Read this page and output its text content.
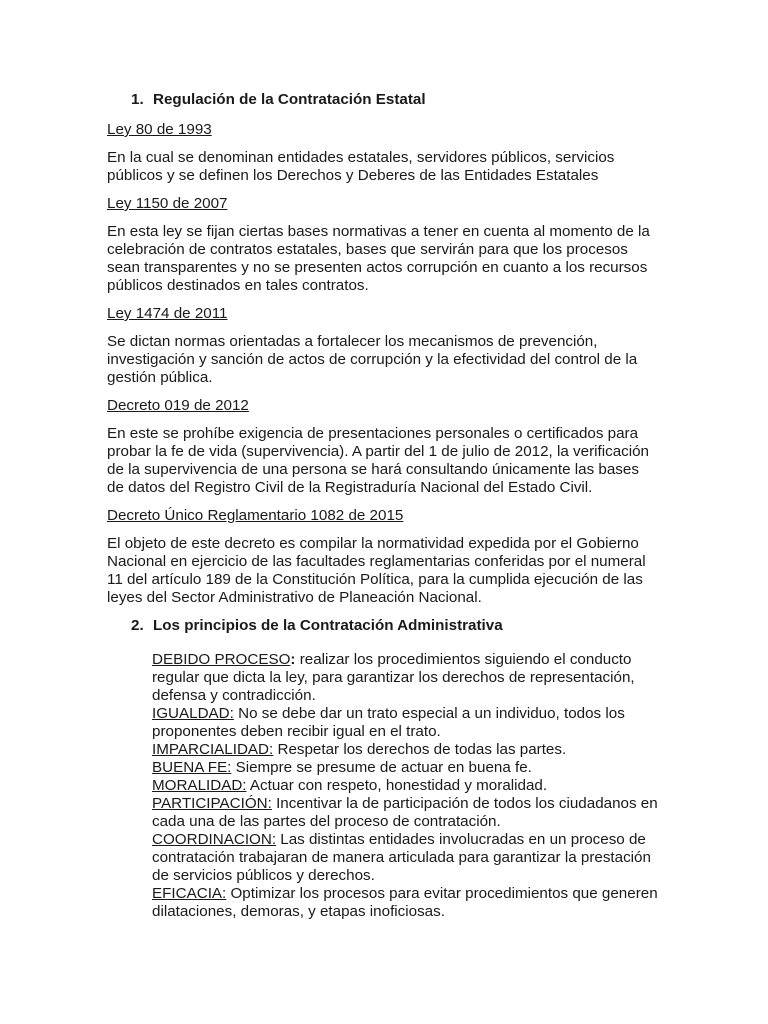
1. Regulación de la Contratación Estatal

Ley 80 de 1993

En la cual se denominan entidades estatales, servidores públicos, servicios públicos y se definen los Derechos y Deberes de las Entidades Estatales

Ley 1150 de 2007

En esta ley se fijan ciertas bases normativas a tener en cuenta al momento de la celebración de contratos estatales, bases que servirán para que los procesos sean transparentes y no se presenten actos corrupción en cuanto a los recursos públicos destinados en tales contratos.

Ley 1474 de 2011

Se dictan normas orientadas a fortalecer los mecanismos de prevención, investigación y sanción de actos de corrupción y la efectividad del control de la gestión pública.

Decreto 019 de 2012

En este se prohíbe exigencia de presentaciones personales o certificados para probar la fe de vida (supervivencia). A partir del 1 de julio de 2012, la verificación de la supervivencia de una persona se hará consultando únicamente las bases de datos del Registro Civil de la Registraduría Nacional del Estado Civil.

Decreto Único Reglamentario 1082 de 2015

El objeto de este decreto es compilar la normatividad expedida por el Gobierno Nacional en ejercicio de las facultades reglamentarias conferidas por el numeral 11 del artículo 189 de la Constitución Política, para la cumplida ejecución de las leyes del Sector Administrativo de Planeación Nacional.

2. Los principios de la Contratación Administrativa

DEBIDO PROCESO: realizar los procedimientos siguiendo el conducto regular que dicta la ley, para garantizar los derechos de representación, defensa y contradicción.

IGUALDAD: No se debe dar un trato especial a un individuo, todos los proponentes deben recibir igual en el trato.

IMPARCIALIDAD: Respetar los derechos de todas las partes.

BUENA FE: Siempre se presume de actuar en buena fe.

MORALIDAD: Actuar con respeto, honestidad y moralidad.

PARTICIPACIÓN: Incentivar la de participación de todos los ciudadanos en cada una de las partes del proceso de contratación.

COORDINACION: Las distintas entidades involucradas en un proceso de contratación trabajaran de manera articulada para garantizar la prestación de servicios públicos y derechos.

EFICACIA: Optimizar los procesos para evitar procedimientos que generen dilataciones, demoras, y etapas inoficiosas.
